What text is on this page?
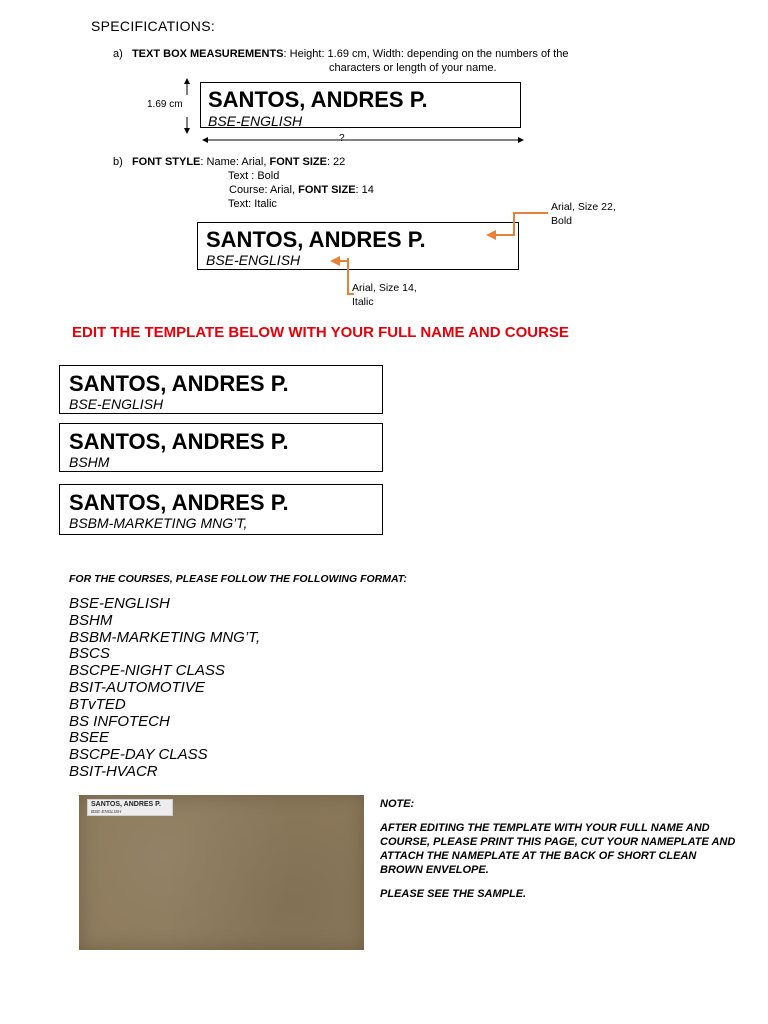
SPECIFICATIONS:
a) TEXT BOX MEASUREMENTS: Height: 1.69 cm, Width: depending on the numbers of the
characters or length of your name.
1.69 cm
?
SANTOS, ANDRES P.
BSE-ENGLISH
b) FONT STYLE: Name: Arial, FONT SIZE: 22
Text : Bold
Course: Arial, FONT SIZE: 14
Text: Italic
SANTOS, ANDRES P.
BSE-ENGLISH
Arial, Size 22,
Bold
Arial, Size 14,
Italic
EDIT THE TEMPLATE BELOW WITH YOUR FULL NAME AND COURSE
SANTOS, ANDRES P.
BSE-ENGLISH
SANTOS, ANDRES P.
BSHM
SANTOS, ANDRES P.
BSBM-MARKETING MNG’T,
FOR THE COURSES, PLEASE FOLLOW THE FOLLOWING FORMAT:
BSE-ENGLISH
BSHM
BSBM-MARKETING MNG’T,
BSCS
BSCPE-NIGHT CLASS
BSIT-AUTOMOTIVE
BTvTED
BS INFOTECH
BSEE
BSCPE-DAY CLASS
BSIT-HVACR
SANTOS, ANDRES P.
BSE-ENGLISH

NOTE:

AFTER EDITING THE TEMPLATE WITH YOUR FULL NAME AND COURSE, PLEASE PRINT THIS PAGE, CUT YOUR NAMEPLATE AND ATTACH THE NAMEPLATE AT THE BACK OF SHORT CLEAN BROWN ENVELOPE.

PLEASE SEE THE SAMPLE.
